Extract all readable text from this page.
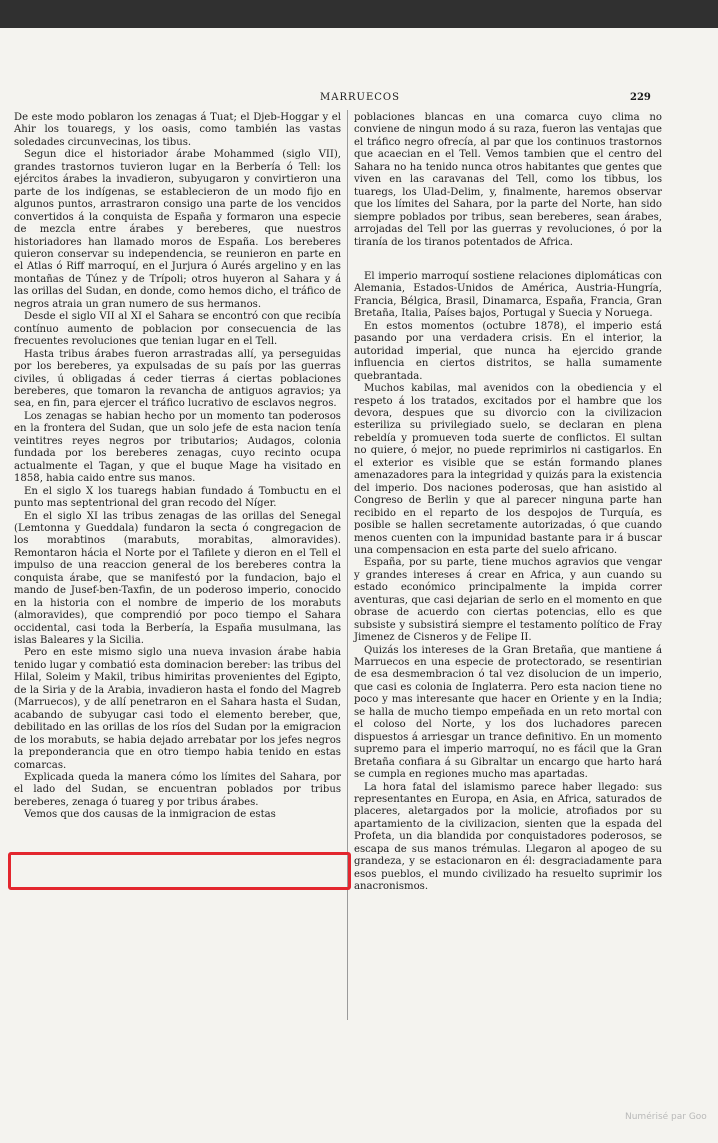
MARRUECOS	229

De este modo poblaron los zenagas á Tuat; el Djeb-Hoggar y el Ahir los touaregs, y los oasis, como también las vastas soledades circunvecinas, los tibus.

Segun dice el historiador árabe Mohammed (siglo VII), grandes trastornos tuvieron lugar en la Berbería ó Tell: los ejércitos árabes la invadieron, subyugaron y convirtieron una parte de los indígenas, se establecieron de un modo fijo en algunos puntos, arrastraron consigo una parte de los vencidos convertidos á la conquista de España y formaron una especie de mezcla entre árabes y bereberes, que nuestros historiadores han llamado moros de España. Los bereberes quieron conservar su independencia, se reunieron en parte en el Atlas ó Riff marroquí, en el Jurjura ó Aurés argelino y en las montañas de Túnez y de Trípoli; otros huyeron al Sahara y á las orillas del Sudan, en donde, como hemos dicho, el tráfico de negros atraia un gran numero de sus hermanos.

Desde el siglo VII al XI el Sahara se encontró con que recibía contínuo aumento de poblacion por consecuencia de las frecuentes revoluciones que tenian lugar en el Tell.

Hasta tribus árabes fueron arrastradas allí, ya perseguidas por los bereberes, ya expulsadas de su país por las guerras civiles, ú obligadas á ceder tierras á ciertas poblaciones bereberes, que tomaron la revancha de antiguos agravios; ya sea, en fin, para ejercer el tráfico lucrativo de esclavos negros.

Los zenagas se habian hecho por un momento tan poderosos en la frontera del Sudan, que un solo jefe de esta nacion tenía veintitres reyes negros por tributarios; Audagos, colonia fundada por los bereberes zenagas, cuyo recinto ocupa actualmente el Tagan, y que el buque Mage ha visitado en 1858, habia caido entre sus manos.

En el siglo X los tuaregs habian fundado á Tombuctu en el punto mas septentrional del gran recodo del Níger.

En el siglo XI las tribus zenagas de las orillas del Senegal (Lemtonna y Gueddala) fundaron la secta ó congregacion de los morabtinos (marabuts, morabitas, almoravides). Remontaron hácia el Norte por el Tafilete y dieron en el Tell el impulso de una reaccion general de los bereberes contra la conquista árabe, que se manifestó por la fundacion, bajo el mando de Jusef-ben-Taxfin, de un poderoso imperio, conocido en la historia con el nombre de imperio de los morabuts (almoravides), que comprendió por poco tiempo el Sahara occidental, casi toda la Berbería, la España musulmana, las islas Baleares y la Sicilia.

Pero en este mismo siglo una nueva invasion árabe habia tenido lugar y combatió esta dominacion bereber: las tribus del Hilal, Soleim y Makil, tribus himiritas provenientes del Egipto, de la Siria y de la Arabia, invadieron hasta el fondo del Magreb (Marruecos), y de allí penetraron en el Sahara hasta el Sudan, acabando de subyugar casi todo el elemento bereber, que, debilitado en las orillas de los ríos del Sudan por la emigracion de los morabuts, se habia dejado arrebatar por los jefes negros la preponderancia que en otro tiempo habia tenido en estas comarcas.

Explicada queda la manera cómo los límites del Sahara, por el lado del Sudan, se encuentran poblados por tribus bereberes, zenaga ó tuareg y por tribus árabes.

Vemos que dos causas de la inmigracion de estas

poblaciones blancas en una comarca cuyo clima no conviene de ningun modo á su raza, fueron las ventajas que el tráfico negro ofrecía, al par que los continuos trastornos que acaecian en el Tell. Vemos tambien que el centro del Sahara no ha tenido nunca otros habitantes que gentes que viven en las caravanas del Tell, como los tibbus, los tuaregs, los Ulad-Delim, y, finalmente, haremos observar que los límites del Sahara, por la parte del Norte, han sido siempre poblados por tribus, sean bereberes, sean árabes, arrojadas del Tell por las guerras y revoluciones, ó por la tiranía de los tiranos potentados de Africa.

El imperio marroquí sostiene relaciones diplomáticas con Alemania, Estados-Unidos de América, Austria-Hungría, Francia, Bélgica, Brasil, Dinamarca, España, Francia, Gran Bretaña, Italia, Países bajos, Portugal y Suecia y Noruega.

En estos momentos (octubre 1878), el imperio está pasando por una verdadera crisis. En el interior, la autoridad imperial, que nunca ha ejercido grande influencia en ciertos distritos, se halla sumamente quebrantada.

Muchos kabilas, mal avenidos con la obediencia y el respeto á los tratados, excitados por el hambre que los devora, despues que su divorcio con la civilizacion esteriliza su privilegiado suelo, se declaran en plena rebeldía y promueven toda suerte de conflictos. El sultan no quiere, ó mejor, no puede reprimirlos ni castigarlos. En el exterior es visible que se están formando planes amenazadores para la integridad y quizás para la existencia del imperio. Dos naciones poderosas, que han asistido al Congreso de Berlin y que al parecer ninguna parte han recibido en el reparto de los despojos de Turquía, es posible se hallen secretamente autorizadas, ó que cuando menos cuenten con la impunidad bastante para ir á buscar una compensacion en esta parte del suelo africano.

España, por su parte, tiene muchos agravios que vengar y grandes intereses á crear en Africa, y aun cuando su estado económico principalmente la impida correr aventuras, que casi dejarian de serlo en el momento en que obrase de acuerdo con ciertas potencias, ello es que subsiste y subsistirá siempre el testamento político de Fray Jimenez de Cisneros y de Felipe II.

Quizás los intereses de la Gran Bretaña, que mantiene á Marruecos en una especie de protectorado, se resentirian de esa desmembracion ó tal vez disolucion de un imperio, que casi es colonia de Inglaterra. Pero esta nacion tiene no poco y mas interesante que hacer en Oriente y en la India; se halla de mucho tiempo empeñada en un reto mortal con el coloso del Norte, y los dos luchadores parecen dispuestos á arriesgar un trance definitivo. En un momento supremo para el imperio marroquí, no es fácil que la Gran Bretaña confiara á su Gibraltar un encargo que harto hará se cumpla en regiones mucho mas apartadas.

La hora fatal del islamismo parece haber llegado: sus representantes en Europa, en Asia, en Africa, saturados de placeres, aletargados por la molicie, atrofiados por su apartamiento de la civilizacion, sienten que la espada del Profeta, un dia blandida por conquistadores poderosos, se escapa de sus manos trémulas. Llegaron al apogeo de su grandeza, y se estacionaron en él: desgraciadamente para esos pueblos, el mundo civilizado ha resuelto suprimir los anacronismos.

Numérisé par Goo
